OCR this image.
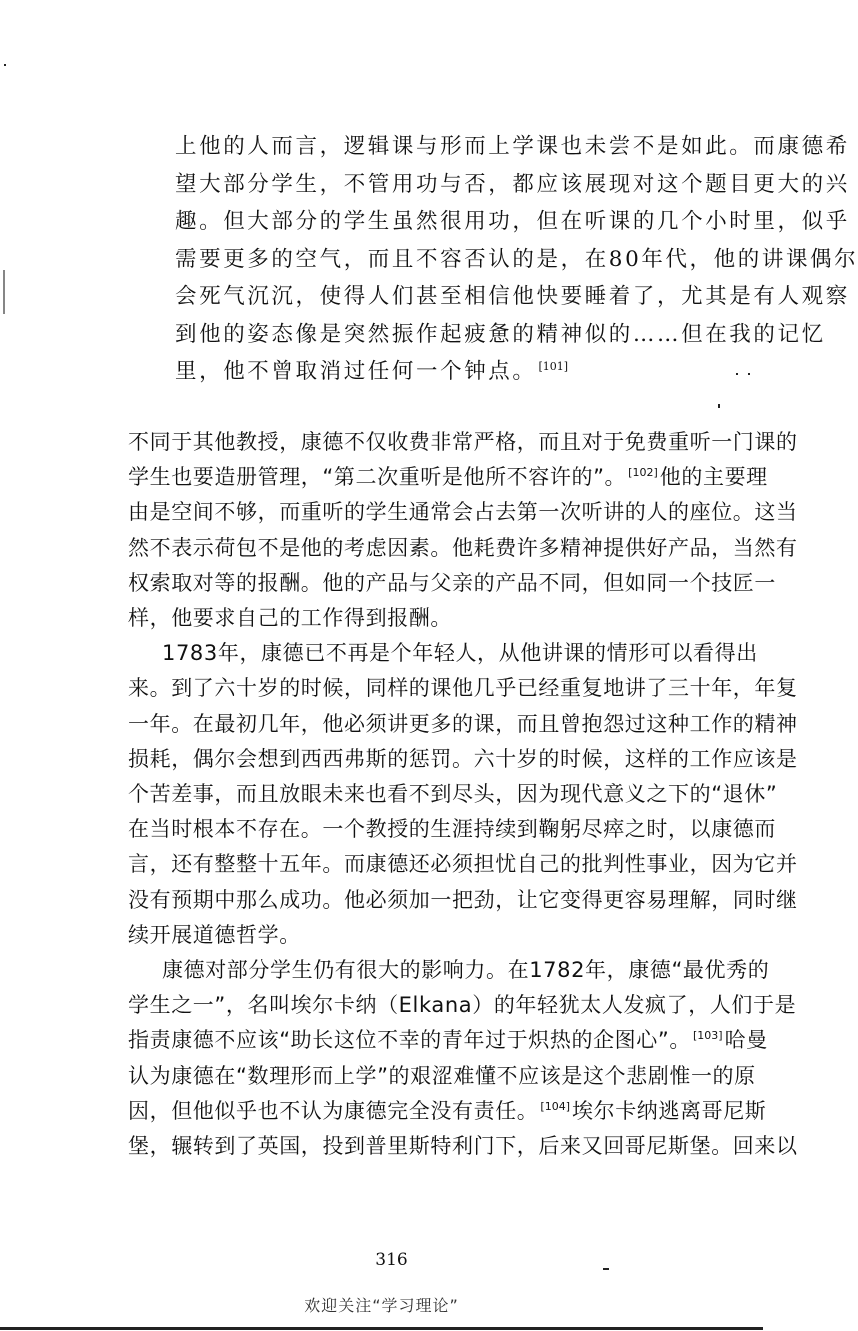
上他的人而言，逻辑课与形而上学课也未尝不是如此。而康德希
望大部分学生，不管用功与否，都应该展现对这个题目更大的兴
趣。但大部分的学生虽然很用功，但在听课的几个小时里，似乎
需要更多的空气，而且不容否认的是，在80年代，他的讲课偶尔
会死气沉沉，使得人们甚至相信他快要睡着了，尤其是有人观察
到他的姿态像是突然振作起疲惫的精神似的……但在我的记忆
里，他不曾取消过任何一个钟点。 [101]
不同于其他教授，康德不仅收费非常严格，而且对于免费重听一门课的
学生也要造册管理，“第二次重听是他所不容许的”。 [102]他的主要理
由是空间不够，而重听的学生通常会占去第一次听讲的人的座位。这当
然不表示荷包不是他的考虑因素。他耗费许多精神提供好产品，当然有
权索取对等的报酬。他的产品与父亲的产品不同，但如同一个技匠一
样，他要求自己的工作得到报酬。
1783年，康德已不再是个年轻人，从他讲课的情形可以看得出
来。到了六十岁的时候，同样的课他几乎已经重复地讲了三十年，年复
一年。在最初几年，他必须讲更多的课，而且曾抱怨过这种工作的精神
损耗，偶尔会想到西西弗斯的惩罚。六十岁的时候，这样的工作应该是
个苦差事，而且放眼未来也看不到尽头，因为现代意义之下的“退休”
在当时根本不存在。一个教授的生涯持续到鞠躬尽瘁之时，以康德而
言，还有整整十五年。而康德还必须担忧自己的批判性事业，因为它并
没有预期中那么成功。他必须加一把劲，让它变得更容易理解，同时继
续开展道德哲学。
康德对部分学生仍有很大的影响力。在1782年，康德“最优秀的
学生之一”，名叫埃尔卡纳（Elkana）的年轻犹太人发疯了，人们于是
指责康德不应该“助长这位不幸的青年过于炽热的企图心”。 [103]哈曼
认为康德在“数理形而上学”的艰涩难懂不应该是这个悲剧惟一的原
因，但他似乎也不认为康德完全没有责任。 [104]埃尔卡纳逃离哥尼斯
堡，辗转到了英国，投到普里斯特利门下，后来又回哥尼斯堡。回来以
316
欢迎关注“学习理论”
